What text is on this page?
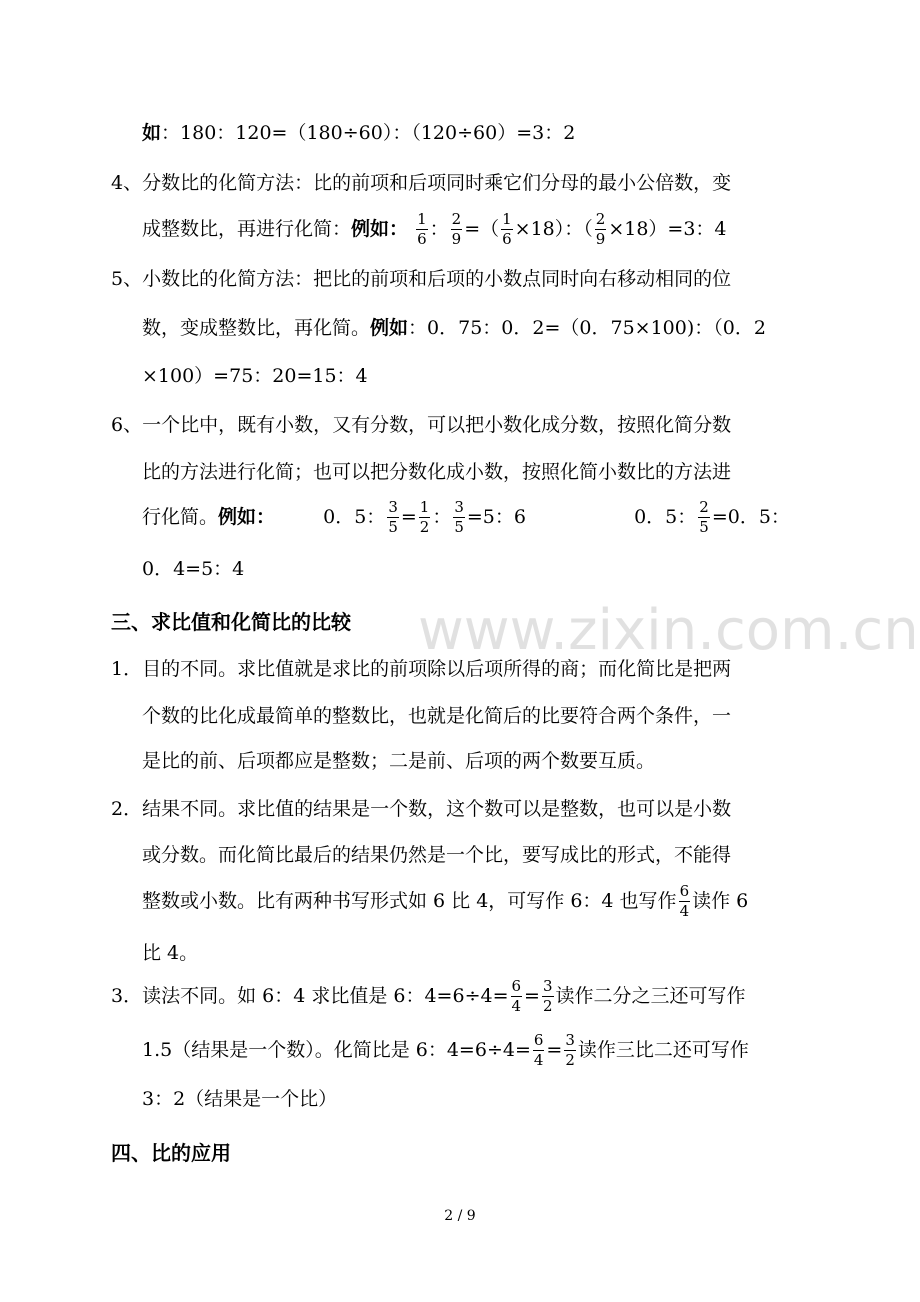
www.zixin.com.cn
如：180：120=（180÷60）：（120÷60）=3：2
4、分数比的化简方法：比的前项和后项同时乘它们分母的最小公倍数，变
成整数比，再进行化简：例如： $\frac{1}{6}$ ： $\frac{2}{9}$ =（ $\frac{1}{6} \times 18$）：（ $\frac{2}{9} \times 18)=3$：4
5、小数比的化简方法：把比的前项和后项的小数点同时向右移动相同的位
数，变成整数比，再化简。例如：0．75：0．2=（0．75×100)：（0．2
×100）=75：20=15：4
6、一个比中，既有小数，又有分数，可以把小数化成分数，按照化简分数
比的方法进行化简；也可以把分数化成小数，按照化简小数比的方法进
行化简。例如：	0．5： $\frac{3}{5} = \frac{1}{2}$ ： $\frac{3}{5} =5$：6	0．5： $\frac{2}{5} =0$．5：
0．4=5：4
三、求比值和化简比的比较
1．目的不同。求比值就是求比的前项除以后项所得的商；而化简比是把两
个数的比化成最简单的整数比，也就是化简后的比要符合两个条件，一
是比的前、后项都应是整数；二是前、后项的两个数要互质。
2．结果不同。求比值的结果是一个数，这个数可以是整数，也可以是小数
或分数。而化简比最后的结果仍然是一个比，要写成比的形式，不能得
整数或小数。比有两种书写形式如 6 比 4，可写作 6：4 也写作 $\frac{6}{4}$ 读作 6
比 4。
3．读法不同。如 6：4 求比值是 6：$4=6\div 4= \frac{6}{4} = \frac{3}{2}$ 读作二分之三还可写作
1.5（结果是一个数）。化简比是 6：$4=6\div 4= \frac{6}{4} = \frac{3}{2}$ 读作三比二还可写作
3：2（结果是一个比）
四、比的应用
2 / 9
